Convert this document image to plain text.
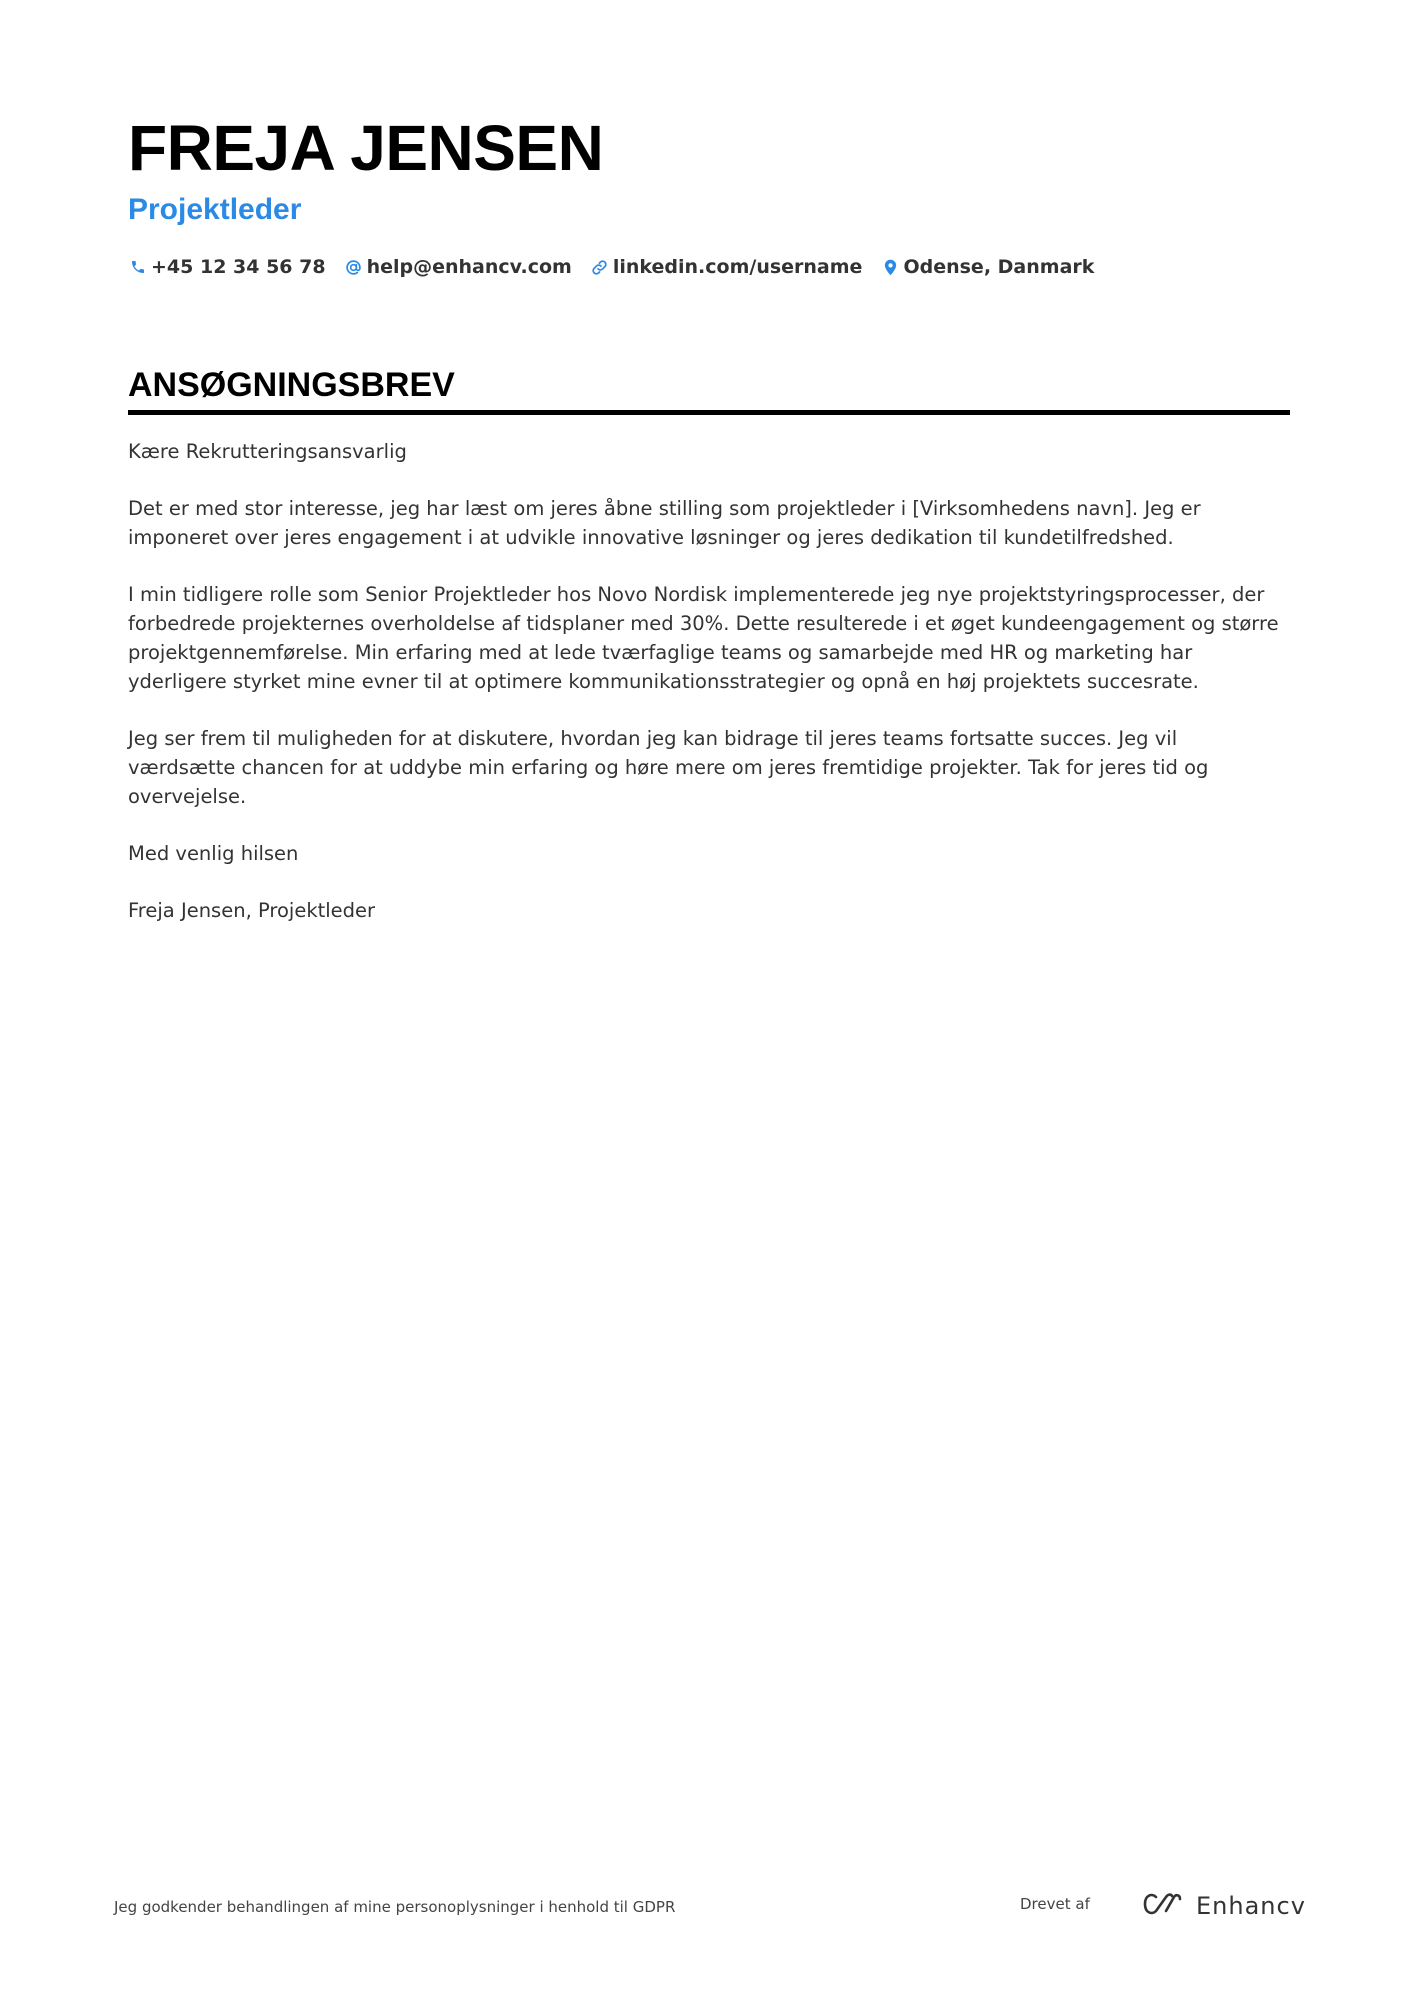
FREJA JENSEN
Projektleder
+45 12 34 56 78 help@enhancv.com linkedin.com/username Odense, Danmark
ANSØGNINGSBREV

Kære Rekrutteringsansvarlig

Det er med stor interesse, jeg har læst om jeres åbne stilling som projektleder i [Virksomhedens navn]. Jeg er imponeret over jeres engagement i at udvikle innovative løsninger og jeres dedikation til kundetilfredshed.

I min tidligere rolle som Senior Projektleder hos Novo Nordisk implementerede jeg nye projektstyringsprocesser, der forbedrede projekternes overholdelse af tidsplaner med 30%. Dette resulterede i et øget kundeengagement og større projektgennemførelse. Min erfaring med at lede tværfaglige teams og samarbejde med HR og marketing har yderligere styrket mine evner til at optimere kommunikationsstrategier og opnå en høj projektets succesrate.

Jeg ser frem til muligheden for at diskutere, hvordan jeg kan bidrage til jeres teams fortsatte succes. Jeg vil værdsætte chancen for at uddybe min erfaring og høre mere om jeres fremtidige projekter. Tak for jeres tid og overvejelse.

Med venlig hilsen

Freja Jensen, Projektleder

Jeg godkender behandlingen af mine personoplysninger i henhold til GDPR	Drevet af	Enhancv
